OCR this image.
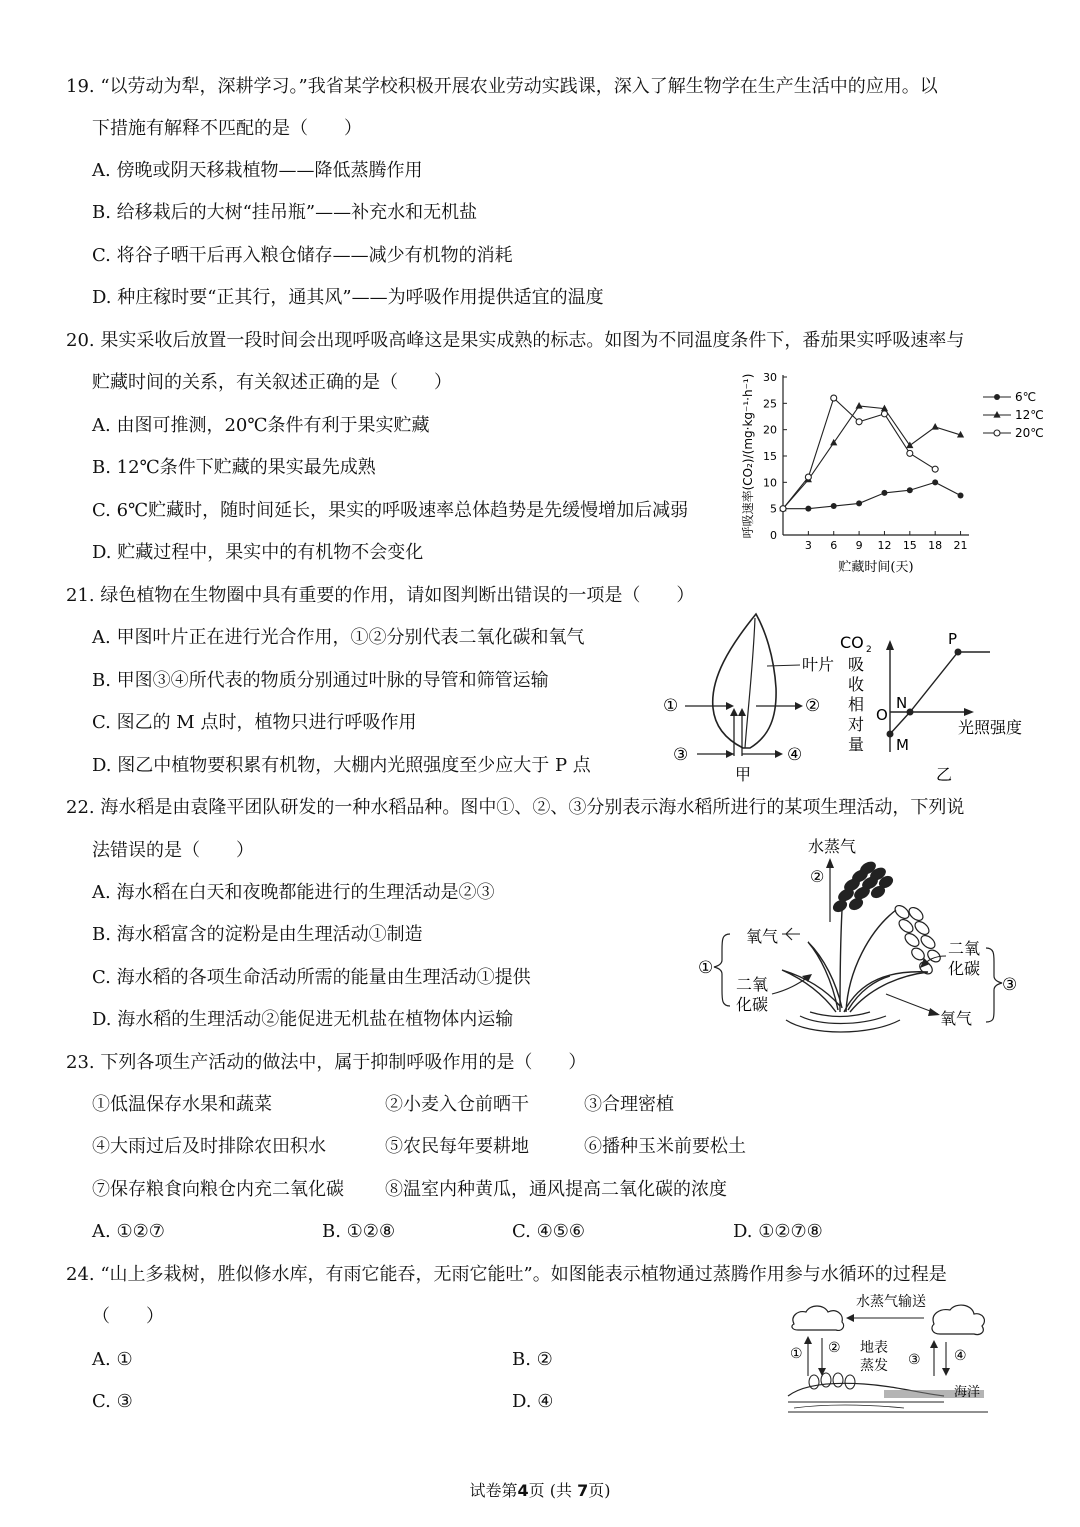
19. “以劳动为犁，深耕学习。”我省某学校积极开展农业劳动实践课，深入了解生物学在生产生活中的应用。以
下措施有解释不匹配的是（　　）
A. 傍晚或阴天移栽植物——降低蒸腾作用
B. 给移栽后的大树“挂吊瓶”——补充水和无机盐
C. 将谷子晒干后再入粮仓储存——减少有机物的消耗
D. 种庄稼时要“正其行，通其风”——为呼吸作用提供适宜的温度
20. 果实采收后放置一段时间会出现呼吸高峰这是果实成熟的标志。如图为不同温度条件下，番茄果实呼吸速率与
贮藏时间的关系，有关叙述正确的是（　　）
A. 由图可推测，20℃条件有利于果实贮藏
B. 12℃条件下贮藏的果实最先成熟
C. 6℃贮藏时，随时间延长，果实的呼吸速率总体趋势是先缓慢增加后减弱
D. 贮藏过程中，果实中的有机物不会变化
0
5
10
15
20
25
30
3 6 9 12 15 18 21
贮藏时间(天)
呼吸速率(CO₂)/(mg·kg⁻¹·h⁻¹)	6℃
12℃
20℃
21. 绿色植物在生物圈中具有重要的作用，请如图判断出错误的一项是（　　）
A. 甲图叶片正在进行光合作用，①②分别代表二氧化碳和氧气
B. 甲图③④所代表的物质分别通过叶脉的导管和筛管运输
C. 图乙的 M 点时，植物只进行呼吸作用
D. 图乙中植物要积累有机物，大棚内光照强度至少应大于 P 点
叶片
①	②
③	④
甲
CO 2
吸
收
相
对
量
光照强度
O
P
N
M
乙
22. 海水稻是由袁隆平团队研发的一种水稻品种。图中①、②、③分别表示海水稻所进行的某项生理活动，下列说
法错误的是（　　）
A. 海水稻在白天和夜晚都能进行的生理活动是②③
B. 海水稻富含的淀粉是由生理活动①制造
C. 海水稻的各项生命活动所需的能量由生理活动①提供
D. 海水稻的生理活动②能促进无机盐在植物体内运输
水蒸气
②
①
氧气
二氧
化碳
二氧
化碳
氧气
③
23. 下列各项生产活动的做法中，属于抑制呼吸作用的是（　　）
①低温保存水果和蔬菜	②小麦入仓前晒干	③合理密植
④大雨过后及时排除农田积水	⑤农民每年要耕地	⑥播种玉米前要松土
⑦保存粮食向粮仓内充二氧化碳 ⑧温室内种黄瓜，通风提高二氧化碳的浓度
A. ①②⑦	B. ①②⑧	C. ④⑤⑥	D. ①②⑦⑧
24. “山上多栽树，胜似修水库，有雨它能吞，无雨它能吐”。如图能表示植物通过蒸腾作用参与水循环的过程是
（　　）
A. ①	B. ②
C. ③	D. ④
水蒸气输送
① ② 地表
蒸发 ③ ④
海洋
试卷第4页 (共 7页)
